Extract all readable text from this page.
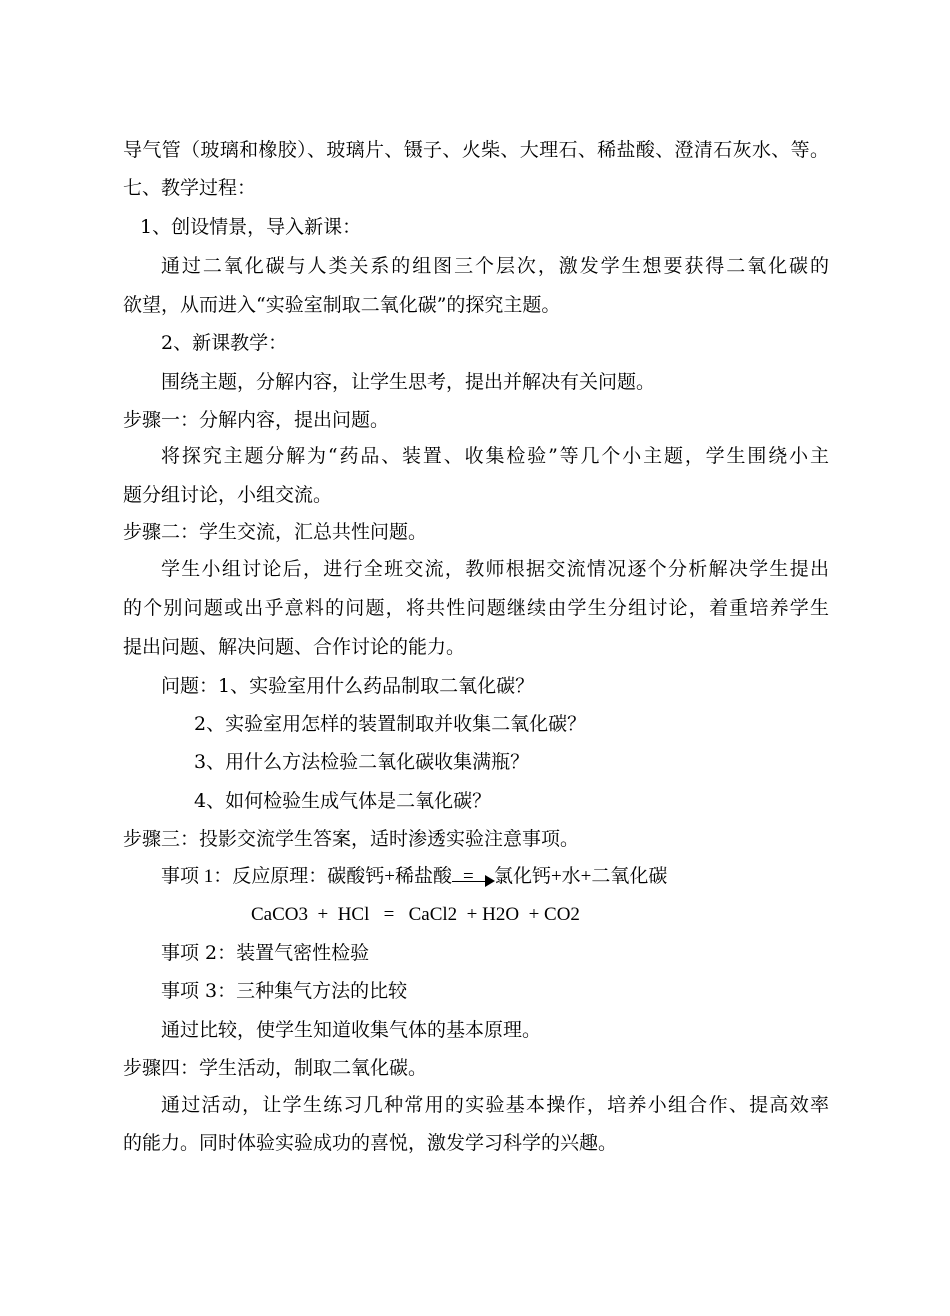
导气管（玻璃和橡胶）、玻璃片、镊子、火柴、大理石、稀盐酸、澄清石灰水、等。
七、教学过程：
1、创设情景，导入新课：
通过二氧化碳与人类关系的组图三个层次，激发学生想要获得二氧化碳的
欲望，从而进入“实验室制取二氧化碳”的探究主题。
2、新课教学：
围绕主题，分解内容，让学生思考，提出并解决有关问题。
步骤一：分解内容，提出问题。
将探究主题分解为“药品、装置、收集检验”等几个小主题，学生围绕小主
题分组讨论，小组交流。
步骤二：学生交流，汇总共性问题。
学生小组讨论后，进行全班交流，教师根据交流情况逐个分析解决学生提出
的个别问题或出乎意料的问题，将共性问题继续由学生分组讨论，着重培养学生
提出问题、解决问题、合作讨论的能力。
问题：1、实验室用什么药品制取二氧化碳？
2、实验室用怎样的装置制取并收集二氧化碳？
3、用什么方法检验二氧化碳收集满瓶？
4、如何检验生成气体是二氧化碳？
步骤三：投影交流学生答案，适时渗透实验注意事项。
事项 1：反应原理：碳酸钙+稀盐酸 = 氯化钙+水+二氧化碳
CaCO3  +  HCl   =   CaCl2  + H2O  + CO2
事项 2：装置气密性检验
事项 3：三种集气方法的比较
通过比较，使学生知道收集气体的基本原理。
步骤四：学生活动，制取二氧化碳。
通过活动，让学生练习几种常用的实验基本操作，培养小组合作、提高效率
的能力。同时体验实验成功的喜悦，激发学习科学的兴趣。
